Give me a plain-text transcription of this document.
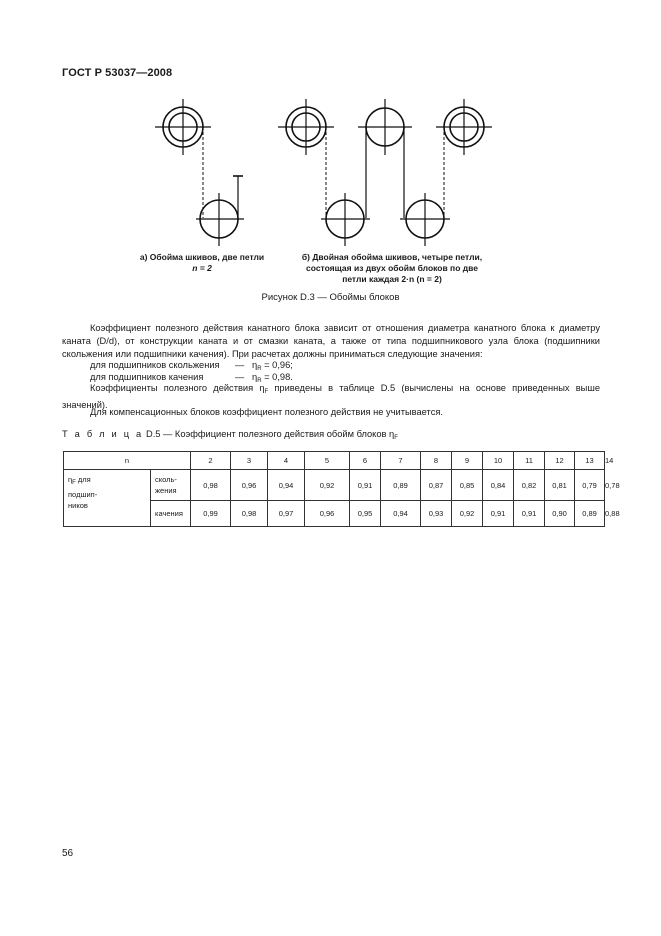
ГОСТ Р 53037—2008
а) Обойма шкивов, две петли
n = 2
б) Двойная обойма шкивов, четыре петли,
состоящая из двух обойм блоков по две
петли каждая 2·n (n = 2)
Рисунок D.3 — Обоймы блоков
Коэффициент полезного действия канатного блока зависит от отношения диаметра канатного блока к диаметру каната (D/d), от конструкции каната и от смазки каната, а также от типа подшипникового узла блока (подшипники скольжения или подшипники качения). При расчетах должны приниматься следующие значения:
для подшипников скольжения — $\eta_R = 0,96$;
для подшипников качения	— $\eta_R = 0,98$.
Коэффициенты полезного действия $\eta_F$ приведены в таблице D.5 (вычислены на основе приведенных выше значений).
Для компенсационных блоков коэффициент полезного действия не учитывается.
Т а б л и ц а D.5 — Коэффициент полезного действия обойм блоков $\eta_F$
n		2	3	4	5	6	7	8	9	10	11	12	13	14
$\eta_F$ для
подшип-
ников	сколь-
жения	0,98	0,96	0,94	0,92	0,91	0,89	0,87	0,85	0,84	0,82	0,81	0,79	0,78
	качения	0,99	0,98	0,97	0,96	0,95	0,94	0,93	0,92	0,91	0,91	0,90	0,89	0,88
56
